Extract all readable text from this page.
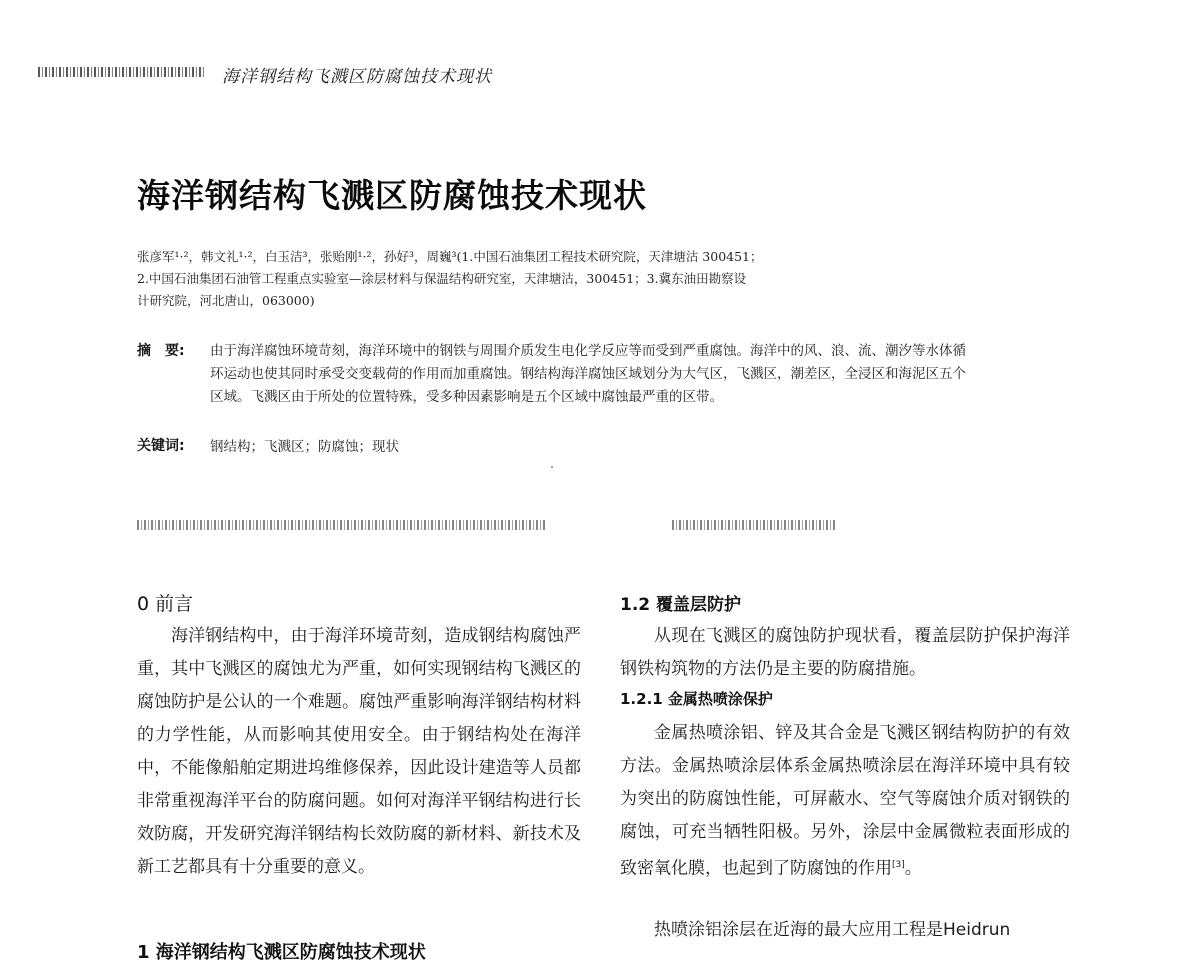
海洋钢结构飞溅区防腐蚀技术现状
海洋钢结构飞溅区防腐蚀技术现状
张彦军¹·²，韩文礼¹·²，白玉洁³，张贻刚¹·²，孙好³，周巍³(1.中国石油集团工程技术研究院，天津塘沽 300451；
2.中国石油集团石油管工程重点实验室—涂层材料与保温结构研究室，天津塘沽，300451；3.冀东油田勘察设
计研究院，河北唐山，063000)
摘　要: 由于海洋腐蚀环境苛刻，海洋环境中的钢铁与周围介质发生电化学反应等而受到严重腐蚀。海洋中的风、浪、流、潮汐等水体循环运动也使其同时承受交变载荷的作用而加重腐蚀。钢结构海洋腐蚀区域划分为大气区，飞溅区，潮差区，全浸区和海泥区五个区域。飞溅区由于所处的位置特殊，受多种因素影响是五个区域中腐蚀最严重的区带。
关键词: 钢结构；飞溅区；防腐蚀；现状
0 前言
海洋钢结构中，由于海洋环境苛刻，造成钢结构腐蚀严重，其中飞溅区的腐蚀尤为严重，如何实现钢结构飞溅区的腐蚀防护是公认的一个难题。腐蚀严重影响海洋钢结构材料的力学性能，从而影响其使用安全。由于钢结构处在海洋中，不能像船舶定期进坞维修保养，因此设计建造等人员都非常重视海洋平台的防腐问题。如何对海洋平钢结构进行长效防腐，开发研究海洋钢结构长效防腐的新材料、新技术及新工艺都具有十分重要的意义。
1 海洋钢结构飞溅区防腐蚀技术现状
1.2 覆盖层防护
从现在飞溅区的腐蚀防护现状看，覆盖层防护保护海洋钢铁构筑物的方法仍是主要的防腐措施。
1.2.1 金属热喷涂保护
金属热喷涂铝、锌及其合金是飞溅区钢结构防护的有效方法。金属热喷涂层体系金属热喷涂层在海洋环境中具有较为突出的防腐蚀性能，可屏蔽水、空气等腐蚀介质对钢铁的腐蚀，可充当牺牲阳极。另外，涂层中金属微粒表面形成的致密氧化膜，也起到了防腐蚀的作用[3]。
热喷涂铝涂层在近海的最大应用工程是Heidrun
